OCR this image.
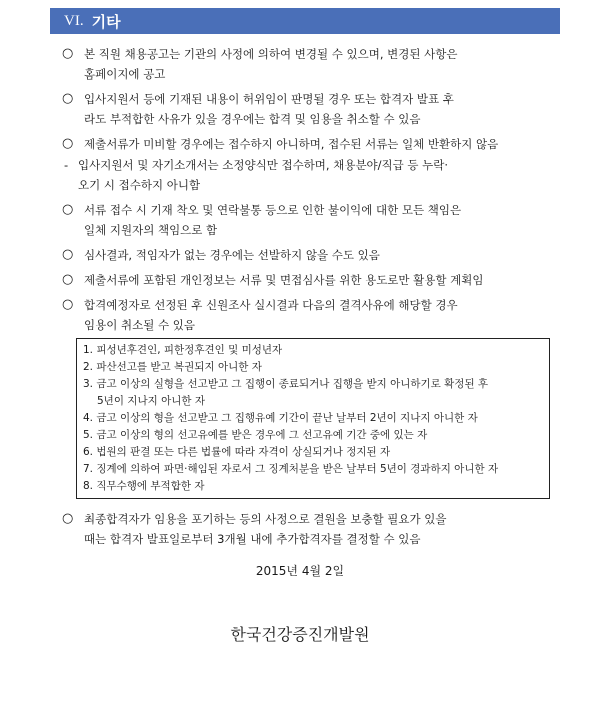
VI. 기타
○ 본 직원 채용공고는 기관의 사정에 의하여 변경될 수 있으며, 변경된 사항은
홈페이지에 공고
○ 입사지원서 등에 기재된 내용이 허위임이 판명될 경우 또는 합격자 발표 후
라도 부적합한 사유가 있을 경우에는 합격 및 임용을 취소할 수 있음
○ 제출서류가 미비할 경우에는 접수하지 아니하며, 접수된 서류는 일체 반환하지 않음
- 입사지원서 및 자기소개서는 소정양식만 접수하며, 채용분야/직급 등 누락·
오기 시 접수하지 아니함
○ 서류 접수 시 기재 착오 및 연락불통 등으로 인한 불이익에 대한 모든 책임은
일체 지원자의 책임으로 함
○ 심사결과, 적임자가 없는 경우에는 선발하지 않을 수도 있음
○ 제출서류에 포함된 개인정보는 서류 및 면접심사를 위한 용도로만 활용할 계획임
○ 합격예정자로 선정된 후 신원조사 실시결과 다음의 결격사유에 해당할 경우
임용이 취소될 수 있음
1. 피성년후견인, 피한정후견인 및 미성년자
2. 파산선고를 받고 복권되지 아니한 자
3. 금고 이상의 실형을 선고받고 그 집행이 종료되거나 집행을 받지 아니하기로 확정된 후
5년이 지나지 아니한 자
4. 금고 이상의 형을 선고받고 그 집행유예 기간이 끝난 날부터 2년이 지나지 아니한 자
5. 금고 이상의 형의 선고유예를 받은 경우에 그 선고유예 기간 중에 있는 자
6. 법원의 판결 또는 다른 법률에 따라 자격이 상실되거나 정지된 자
7. 징계에 의하여 파면·해임된 자로서 그 징계처분을 받은 날부터 5년이 경과하지 아니한 자
8. 직무수행에 부적합한 자
○ 최종합격자가 임용을 포기하는 등의 사정으로 결원을 보충할 필요가 있을
때는 합격자 발표일로부터 3개월 내에 추가합격자를 결정할 수 있음
2015년 4월 2일
한국건강증진개발원
